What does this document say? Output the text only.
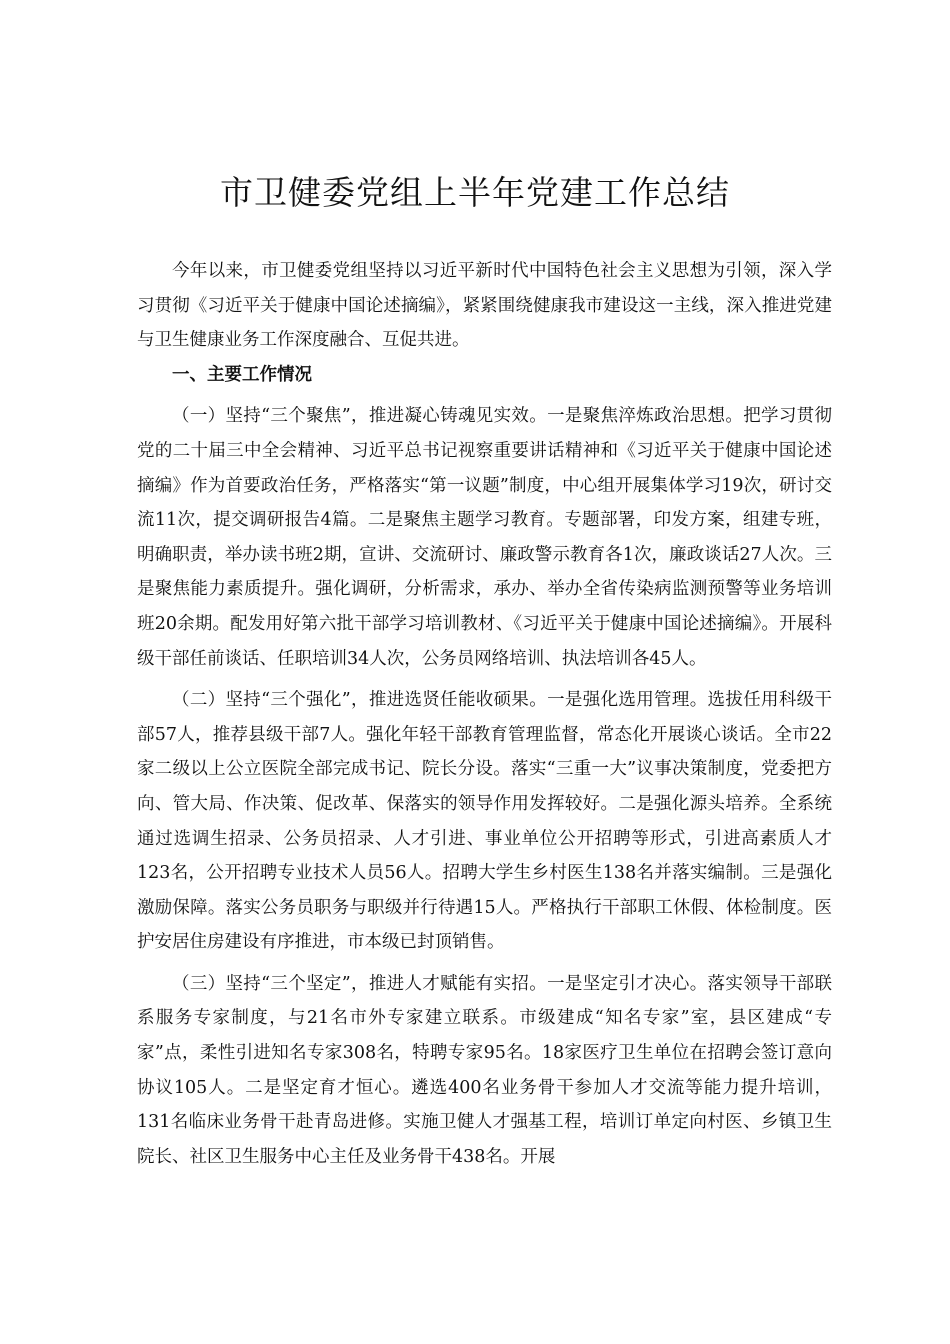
市卫健委党组上半年党建工作总结

今年以来，市卫健委党组坚持以习近平新时代中国特色社会主义思想为引领，深入学习贯彻《习近平关于健康中国论述摘编》，紧紧围绕健康我市建设这一主线，深入推进党建与卫生健康业务工作深度融合、互促共进。

一、主要工作情况

（一）坚持“三个聚焦”，推进凝心铸魂见实效。一是聚焦淬炼政治思想。把学习贯彻党的二十届三中全会精神、习近平总书记视察重要讲话精神和《习近平关于健康中国论述摘编》作为首要政治任务，严格落实“第一议题”制度，中心组开展集体学习19次，研讨交流11次，提交调研报告4篇。二是聚焦主题学习教育。专题部署，印发方案，组建专班，明确职责，举办读书班2期，宣讲、交流研讨、廉政警示教育各1次，廉政谈话27人次。三是聚焦能力素质提升。强化调研，分析需求，承办、举办全省传染病监测预警等业务培训班20余期。配发用好第六批干部学习培训教材、《习近平关于健康中国论述摘编》。开展科级干部任前谈话、任职培训34人次，公务员网络培训、执法培训各45人。

（二）坚持“三个强化”，推进选贤任能收硕果。一是强化选用管理。选拔任用科级干部57人，推荐县级干部7人。强化年轻干部教育管理监督，常态化开展谈心谈话。全市22家二级以上公立医院全部完成书记、院长分设。落实“三重一大”议事决策制度，党委把方向、管大局、作决策、促改革、保落实的领导作用发挥较好。二是强化源头培养。全系统通过选调生招录、公务员招录、人才引进、事业单位公开招聘等形式，引进高素质人才123名，公开招聘专业技术人员56人。招聘大学生乡村医生138名并落实编制。三是强化激励保障。落实公务员职务与职级并行待遇15人。严格执行干部职工休假、体检制度。医护安居住房建设有序推进，市本级已封顶销售。

（三）坚持“三个坚定”，推进人才赋能有实招。一是坚定引才决心。落实领导干部联系服务专家制度，与21名市外专家建立联系。市级建成“知名专家”室，县区建成“专家”点，柔性引进知名专家308名，特聘专家95名。18家医疗卫生单位在招聘会签订意向协议105人。二是坚定育才恒心。遴选400名业务骨干参加人才交流等能力提升培训，131名临床业务骨干赴青岛进修。实施卫健人才强基工程，培训订单定向村医、乡镇卫生院长、社区卫生服务中心主任及业务骨干438名。开展
